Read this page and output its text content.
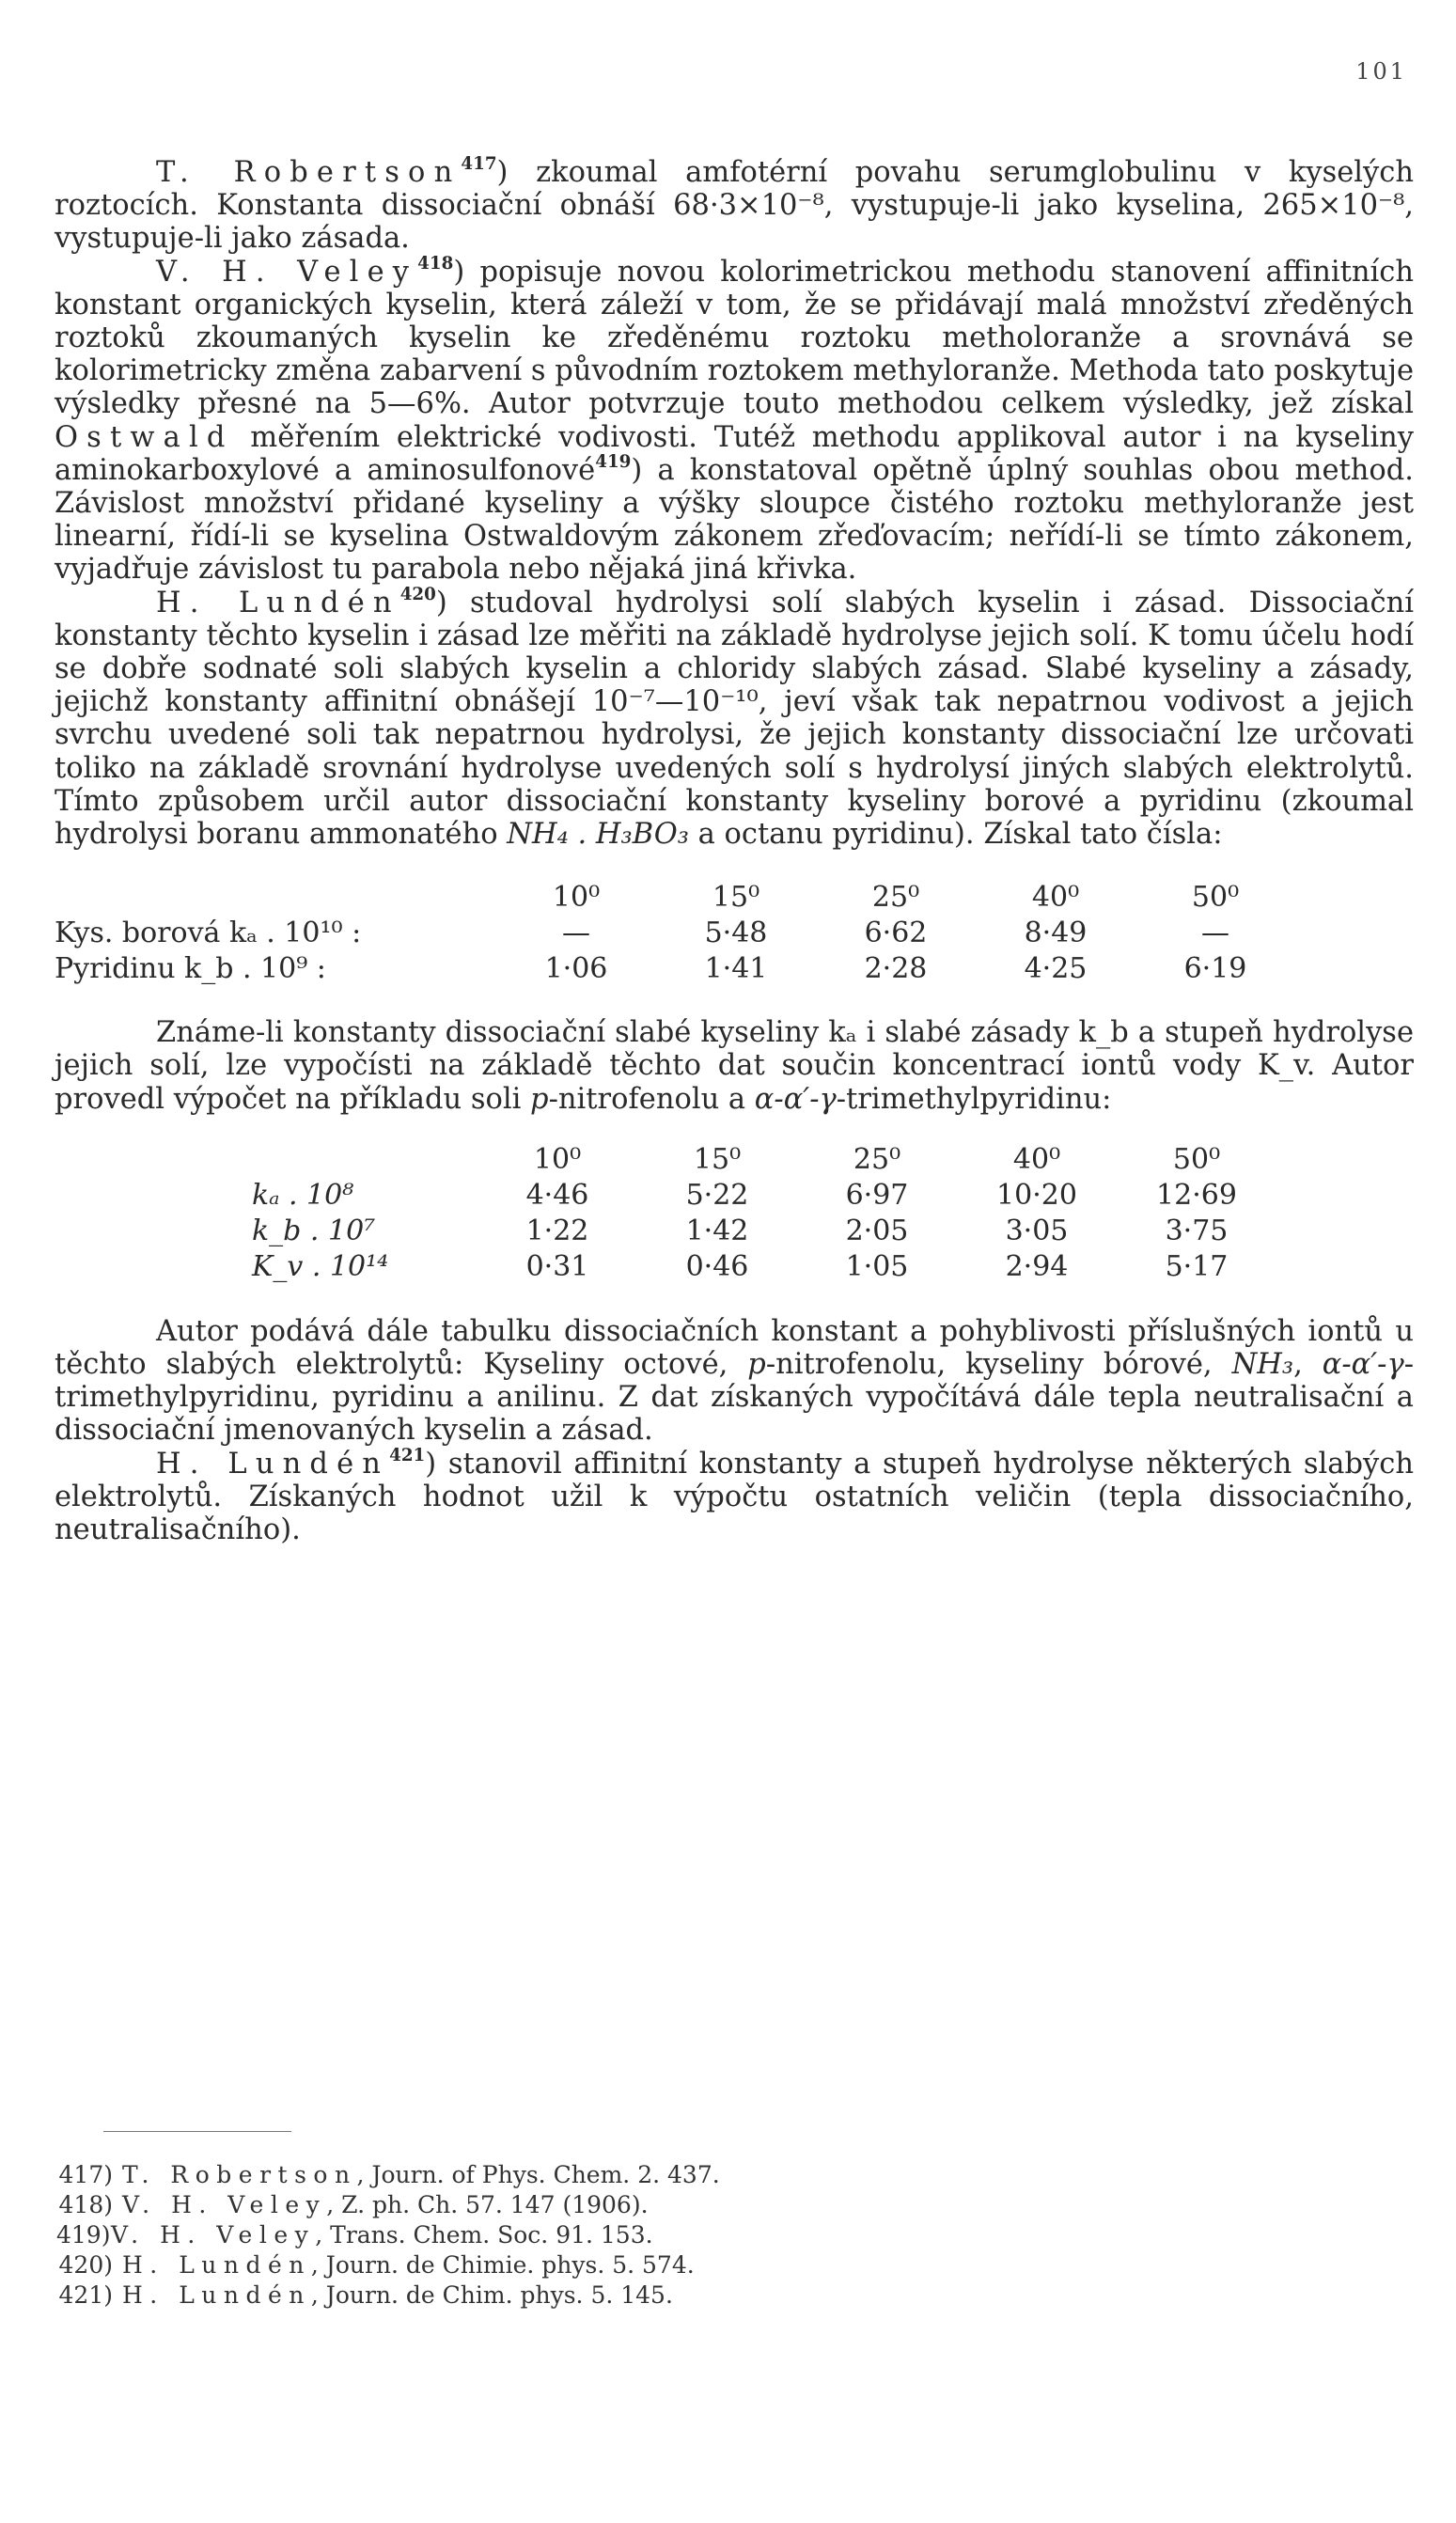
101

T. Robertson$^{417}$) zkoumal amfotérní povahu serumglobulinu v kyselých roztocích. Konstanta dissociační obnáší 68·3×10⁻⁸, vystupuje-li jako kyselina, 265×10⁻⁸, vystupuje-li jako zásada.

V. H. Veley$^{418}$) popisuje novou kolorimetrickou methodu stanovení affinitních konstant organických kyselin, která záleží v tom, že se přidávají malá množství zředěných roztoků zkoumaných kyselin ke zředěnému roztoku metholoranže a srovnává se kolorimetricky změna zabarvení s původním roztokem methyloranže. Methoda tato poskytuje výsledky přesné na 5—6%. Autor potvrzuje touto methodou celkem výsledky, jež získal Ostwald měřením elektrické vodivosti. Tutéž methodu applikoval autor i na kyseliny aminokarboxylové a aminosulfonové$^{419}$) a konstatoval opětně úplný souhlas obou method. Závislost množství přidané kyseliny a výšky sloupce čistého roztoku methyloranže jest linearní, řídí-li se kyselina Ostwaldovým zákonem zřeďovacím; neřídí-li se tímto zákonem, vyjadřuje závislost tu parabola nebo nějaká jiná křivka.

H. Lundén$^{420}$) studoval hydrolysi solí slabých kyselin i zásad. Dissociační konstanty těchto kyselin i zásad lze měřiti na základě hydrolyse jejich solí. K tomu účelu hodí se dobře sodnaté soli slabých kyselin a chloridy slabých zásad. Slabé kyseliny a zásady, jejichž konstanty affinitní obnášejí 10⁻⁷—10⁻¹⁰, jeví však tak nepatrnou vodivost a jejich svrchu uvedené soli tak nepatrnou hydrolysi, že jejich konstanty dissociační lze určovati toliko na základě srovnání hydrolyse uvedených solí s hydrolysí jiných slabých elektrolytů. Tímto způsobem určil autor dissociační konstanty kyseliny borové a pyridinu (zkoumal hydrolysi boranu ammonatého NH₄ . H₃BO₃ a octanu pyridinu). Získal tato čísla:

	10⁰	15⁰	25⁰	40⁰	50⁰
Kys. borová kₐ . 10¹⁰ :	—	5·48	6·62	8·49	—
Pyridinu k_b . 10⁹ :	1·06	1·41	2·28	4·25	6·19

Známe-li konstanty dissociační slabé kyseliny kₐ i slabé zásady k_b a stupeň hydrolyse jejich solí, lze vypočísti na základě těchto dat součin koncentrací iontů vody K_v. Autor provedl výpočet na příkladu soli p-nitrofenolu a α-α′-γ-trimethylpyridinu:

	10⁰	15⁰	25⁰	40⁰	50⁰
kₐ . 10⁸	4·46	5·22	6·97	10·20	12·69
k_b . 10⁷	1·22	1·42	2·05	3·05	3·75
K_v . 10¹⁴	0·31	0·46	1·05	2·94	5·17

Autor podává dále tabulku dissociačních konstant a pohyblivosti příslušných iontů u těchto slabých elektrolytů: Kyseliny octové, p-nitrofenolu, kyseliny bórové, NH₃, α-α′-γ-trimethylpyridinu, pyridinu a anilinu. Z dat získaných vypočítává dále tepla neutralisační a dissociační jmenovaných kyselin a zásad.

H. Lundén$^{421}$) stanovil affinitní konstanty a stupeň hydrolyse některých slabých elektrolytů. Získaných hodnot užil k výpočtu ostatních veličin (tepla dissociačního, neutralisačního).

417) T. Robertson, Journ. of Phys. Chem. 2. 437.

418) V. H. Veley, Z. ph. Ch. 57. 147 (1906).

419)V. H. Veley, Trans. Chem. Soc. 91. 153.

420) H. Lundén, Journ. de Chimie. phys. 5. 574.

421) H. Lundén, Journ. de Chim. phys. 5. 145.
